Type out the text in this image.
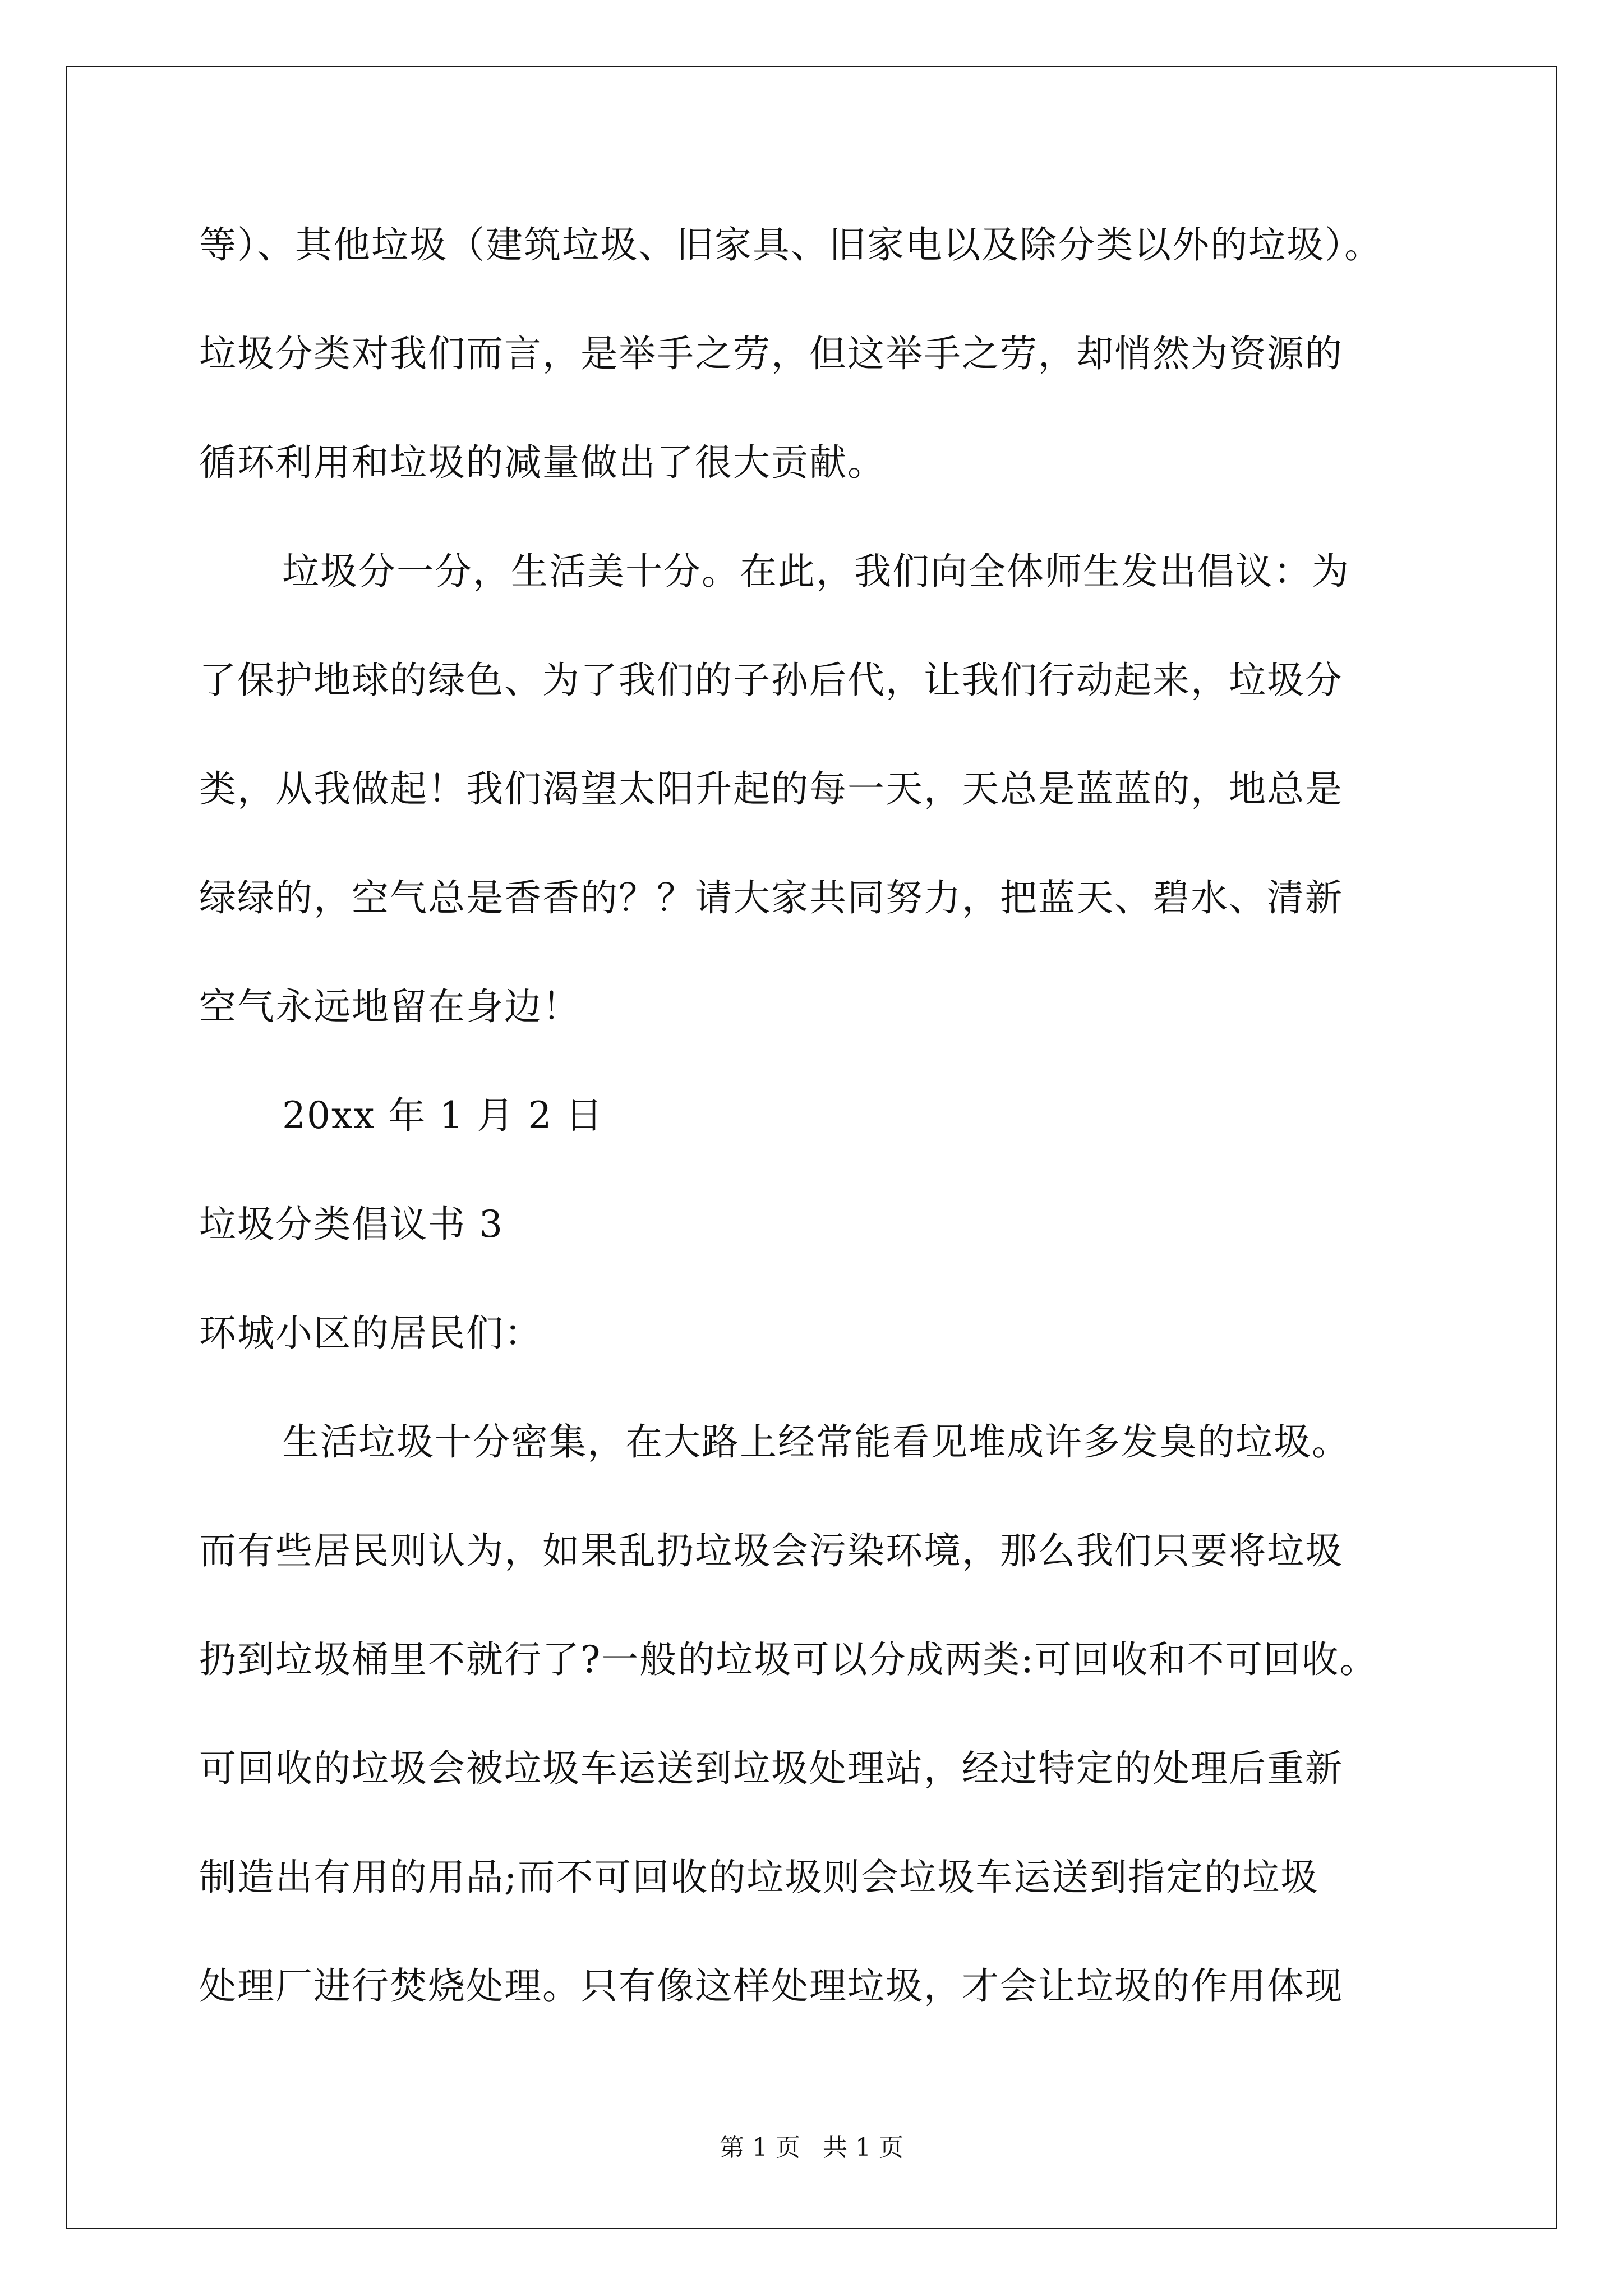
等）、其他垃圾（建筑垃圾、旧家具、旧家电以及除分类以外的垃圾）。
垃圾分类对我们而言，是举手之劳，但这举手之劳，却悄然为资源的
循环利用和垃圾的减量做出了很大贡献。
垃圾分一分，生活美十分。在此，我们向全体师生发出倡议：为
了保护地球的绿色、为了我们的子孙后代，让我们行动起来，垃圾分
类，从我做起！我们渴望太阳升起的每一天，天总是蓝蓝的，地总是
绿绿的，空气总是香香的？？请大家共同努力，把蓝天、碧水、清新
空气永远地留在身边！
20xx 年 1 月 2 日
垃圾分类倡议书 3
环城小区的居民们：
生活垃圾十分密集，在大路上经常能看见堆成许多发臭的垃圾。
而有些居民则认为，如果乱扔垃圾会污染环境，那么我们只要将垃圾
扔到垃圾桶里不就行了?一般的垃圾可以分成两类:可回收和不可回收。
可回收的垃圾会被垃圾车运送到垃圾处理站，经过特定的处理后重新
制造出有用的用品;而不可回收的垃圾则会垃圾车运送到指定的垃圾
处理厂进行焚烧处理。只有像这样处理垃圾，才会让垃圾的作用体现
第 1 页 共 1 页
